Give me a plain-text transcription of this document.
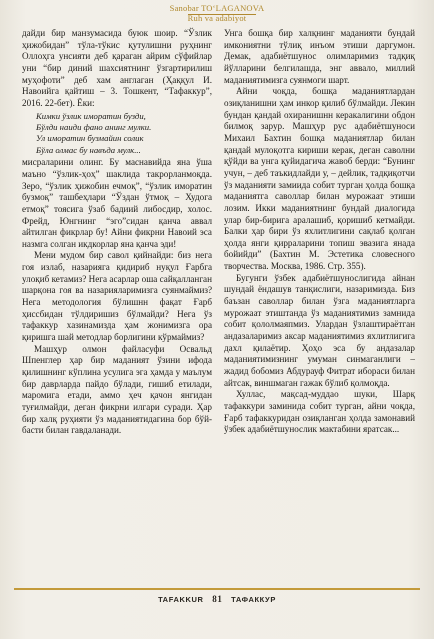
Sanobar TO‘LAGANOVA
Ruh va adabiyot

дайди бир манзумасида буюк шоир. “Ўзлик ҳижобидан” тўла-тўкис қутулишни руҳнинг Оллоҳга унсияти деб қараган айрим сўфийлар уни “бир диний шахсиятнинг ўзгартирилиш муҳофоти” деб хам англаган (Ҳаққул И. Навоийга қайтиш – 3. Тошкент, “Тафаккур”, 2016. 22-бет). Ёки:

Кимки ўзлик иморатин бузди,
Бўлди наиди фано анинг мулки.
Ул иморатин бузмайин солик
Бўла олмас бу навъда мулк...

мисраларини олинг. Бу маснавийда яна ўша маъно “ўзлик-ҳоҳ” шаклида такрорланмоқда. Зеро, “ўзлик ҳижобин ечмоқ”, “ўзлик иморатин бузмоқ” ташбеҳлари “Ўздан ўтмоқ – Худога етмоқ” тоясига ўзаб бадиий либосдир, холос. Фрейд, Юнгнинг “эго”сидан қанча аввал айтилган фикрлар бу! Айни фикрни Навоий эса назмга солган икдкорлар яна қанча эди!

Мени мудом бир савол қийнайди: биз нега гоя излаб, назарияга қидириб нуқул Ғарбга улоқиб кетамиз? Нега асарлар оша сайқалланган шарқона гоя ва назарияларимизга суянмаймиз? Нега методология бўлишнн фақат Ғарб ҳиссбидан тўлдиришиз бўлмайди? Нега ўз тафаккур хазинамизда ҳам жонимизга ора қиришга шай методлар борлигини кўрмаймиз?

Машҳур олмон файласуфи Освальд Шпенглер ҳар бир маданият ўзини ифода қилишнинг кўплина усулига эга ҳамда у маълум бир даврларда пайдо бўлади, гишиб етилади, маромига етади, аммо ҳеч қачон янгидан туғилмайди, деган фикрни илгари суради. Ҳар бир халқ руҳияти ўз маданиятидагина бор бўй-басти билан гавдаланади.

Унга бошқа бир халқнинг маданияти бундай имкониятни тўлиқ инъом этиши даргумон. Демак, адабиётшунос олимларимиз тадқиқ йўлларини белгилашда, энг аввало, миллий маданиятимизга суянмоги шарт.

Айни чоқда, бошқа маданиятлардан озиқланишни ҳам инкор қилиб бўлмайди. Лекин бундан қандай охиранишнн керакалигини обдон билмоқ зарур. Машҳур рус адабиётшуноси Михаил Бахтин бошқа маданиятлар билан қандай мулоқотга кириши керак, деган саволни қўйди ва унга қуйидагича жавоб берди: “Бунинг учун, – деб таъкидлайди у, – дейлик, тадқиқотчи ўз маданияти замиида собит турган ҳолда бошқа маданиятга саволлар билан мурожаат этиши лозим. Икки маданиятнинг бундай диалогида улар бир-бирига аралашиб, қоришиб кетмайди. Балки ҳар бири ўз яхлитлигини сақлаб қолган ҳолда янги қирраларини топиш эвазига янада бойийди” (Бахтин М. Эстетика словесного творчества. Москва, 1986. Стр. 355).

Бугунги ўзбек адабиётшунослигида айнан шундай ёндашув танқислиги, назаримизда. Биз баъзан саволлар билан ўзга маданиятларга мурожаат этиштанда ўз маданиятимиз замнида собит қололмаяпмиз. Улардан ўзлаштираётган андазаларимиз аксар маданиятимиз яхлитлигига дахл қилаётир. Ҳоҳо эса бу андазалар маданиятимизнинг умуман синмаганлиги – жадид бобомиз Абдурауф Фитрат ибораси билан айтсак, виншмаган гажак бўлиб қолмоқда.

Хуллас, мақсад-муддао шуки, Шарқ тафаккури заминида собит турган, айни чоқда, Ғарб тафаккуридан озиқланган ҳолда замонавий ўзбек адабиётшунослик мактабини яратсак...

TAFAKKUR 81 ТАФАККУР
